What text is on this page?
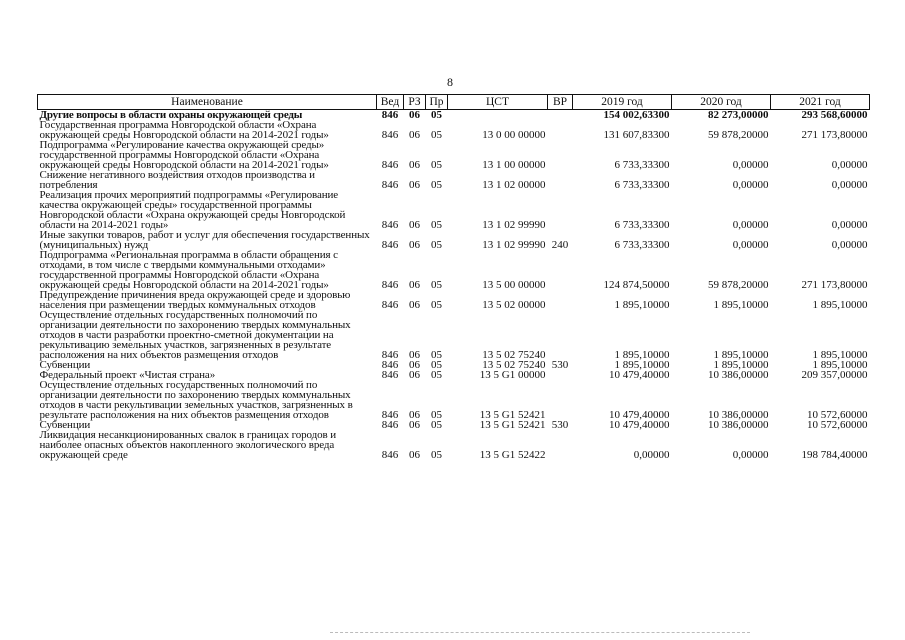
8
Наименование	Вед	РЗ	Пр	ЦСТ	ВР	2019 год	2020 год	2021 год
Другие вопросы в области охраны окружающей среды	846	06	05			154 002,63300	82 273,00000	293 568,60000
Государственная программа Новгородской области «Охрана окружающей среды Новгородской области на 2014-2021 годы»	846	06	05	13 0 00 00000		131 607,83300	59 878,20000	271 173,80000
Подпрограмма «Регулирование качества окружающей среды» государственной программы Новгородской области «Охрана окружающей среды Новгородской области на 2014-2021 годы»	846	06	05	13 1 00 00000		6 733,33300	0,00000	0,00000
Снижение негативного воздействия отходов производства и потребления	846	06	05	13 1 02 00000		6 733,33300	0,00000	0,00000
Реализация прочих мероприятий подпрограммы «Регулирование качества окружающей среды» государственной программы Новгородской области «Охрана окружающей среды Новгородской области на 2014-2021 годы»	846	06	05	13 1 02 99990		6 733,33300	0,00000	0,00000
Иные закупки товаров, работ и услуг для обеспечения государственных (муниципальных) нужд	846	06	05	13 1 02 99990	240	6 733,33300	0,00000	0,00000
Подпрограмма «Региональная программа в области обращения с отходами, в том числе с твердыми коммунальными отходами» государственной программы Новгородской области «Охрана окружающей среды Новгородской области на 2014-2021 годы»	846	06	05	13 5 00 00000		124 874,50000	59 878,20000	271 173,80000
Предупреждение причинения вреда окружающей среде и здоровью населения при размещении твердых коммунальных отходов	846	06	05	13 5 02 00000		1 895,10000	1 895,10000	1 895,10000
Осуществление отдельных государственных полномочий по организации деятельности по захоронению твердых коммунальных отходов в части разработки проектно-сметной документации на рекультивацию земельных участков, загрязненных в результате расположения на них объектов размещения отходов	846	06	05	13 5 02 75240		1 895,10000	1 895,10000	1 895,10000
Субвенции	846	06	05	13 5 02 75240	530	1 895,10000	1 895,10000	1 895,10000
Федеральный проект «Чистая страна»	846	06	05	13 5 G1 00000		10 479,40000	10 386,00000	209 357,00000
Осуществление отдельных государственных полномочий по организации деятельности по захоронению твердых коммунальных отходов в части рекультивации земельных участков, загрязненных в результате расположения на них объектов размещения отходов	846	06	05	13 5 G1 52421		10 479,40000	10 386,00000	10 572,60000
Субвенции	846	06	05	13 5 G1 52421	530	10 479,40000	10 386,00000	10 572,60000
Ликвидация несанкционированных свалок в границах городов и наиболее опасных объектов накопленного экологического вреда окружающей среде	846	06	05	13 5 G1 52422		0,00000	0,00000	198 784,40000
